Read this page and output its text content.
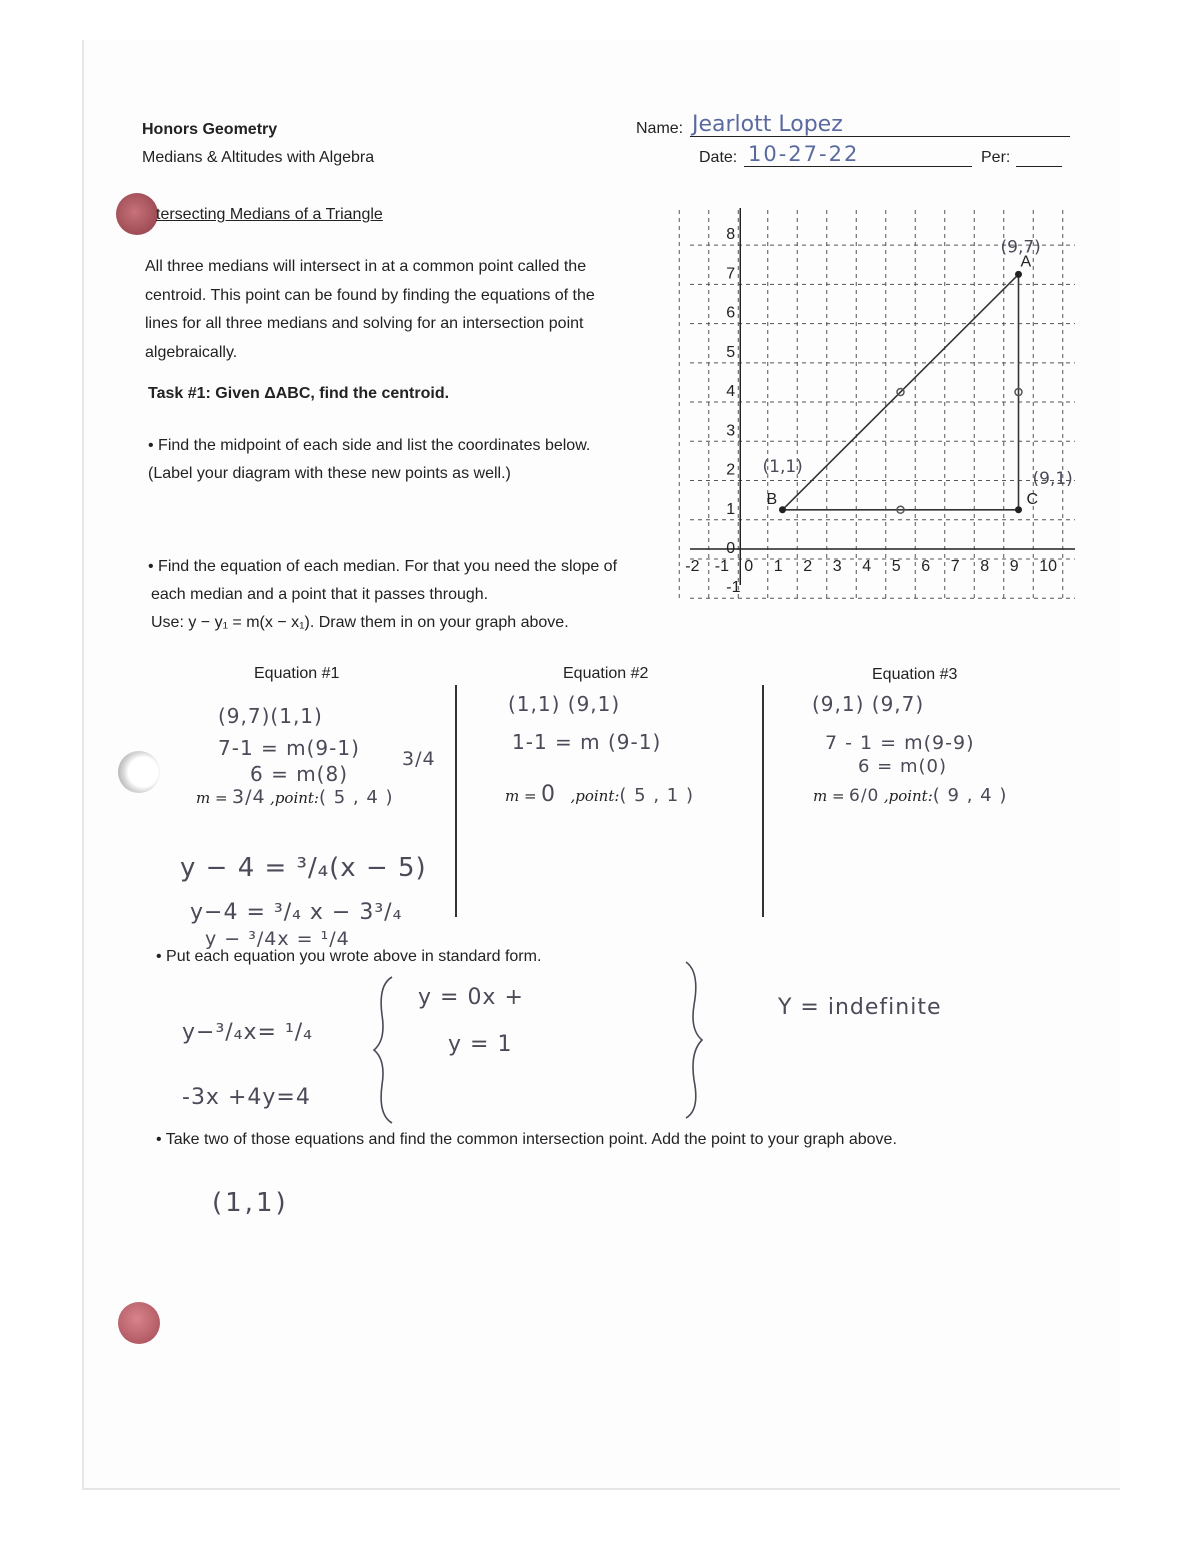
Honors Geometry
Medians & Altitudes with Algebra
Name: Jearlott Lopez
Date: 10-27-22	Per:
tersecting Medians of a Triangle
All three medians will intersect in at a common point called the
centroid. This point can be found by finding the equations of the
lines for all three medians and solving for an intersection point
algebraically.
Task #1: Given ΔABC, find the centroid.
• Find the midpoint of each side and list the coordinates below.
(Label your diagram with these new points as well.)
• Find the equation of each median. For that you need the slope of
each median and a point that it passes through.
Use: y − y₁ = m(x − x₁). Draw them in on your graph above.
-2 -1 0 1 2 3 4 5 6 7 8 9 10
8
7
6
5
4
3
2
1
0
-1
A
B	C
(9,7)
(1,1)
(9,1)
Equation #1	Equation #2	Equation #3
(9,7)(1,1)
7-1 = m(9-1)
6 = m(8)
3/4
m = 3/4 ,point:( 5 , 4 )
y − 4 = ³/₄(x − 5)
y−4 = ³/₄ x − 3³/₄
y − ³/4x = ¹/4
(1,1) (9,1)
1-1 = m (9-1)
m = 0 ,point:( 5 , 1 )
(9,1) (9,7)
7 - 1 = m(9-9)
6 = m(0)
m = 6/0 ,point:( 9 , 4 )
• Put each equation you wrote above in standard form.
y−³/₄x= ¹/₄
-3x +4y=4
y = 0x +
y = 1
Y = indefinite
• Take two of those equations and find the common intersection point. Add the point to your graph above.
(1,1)
